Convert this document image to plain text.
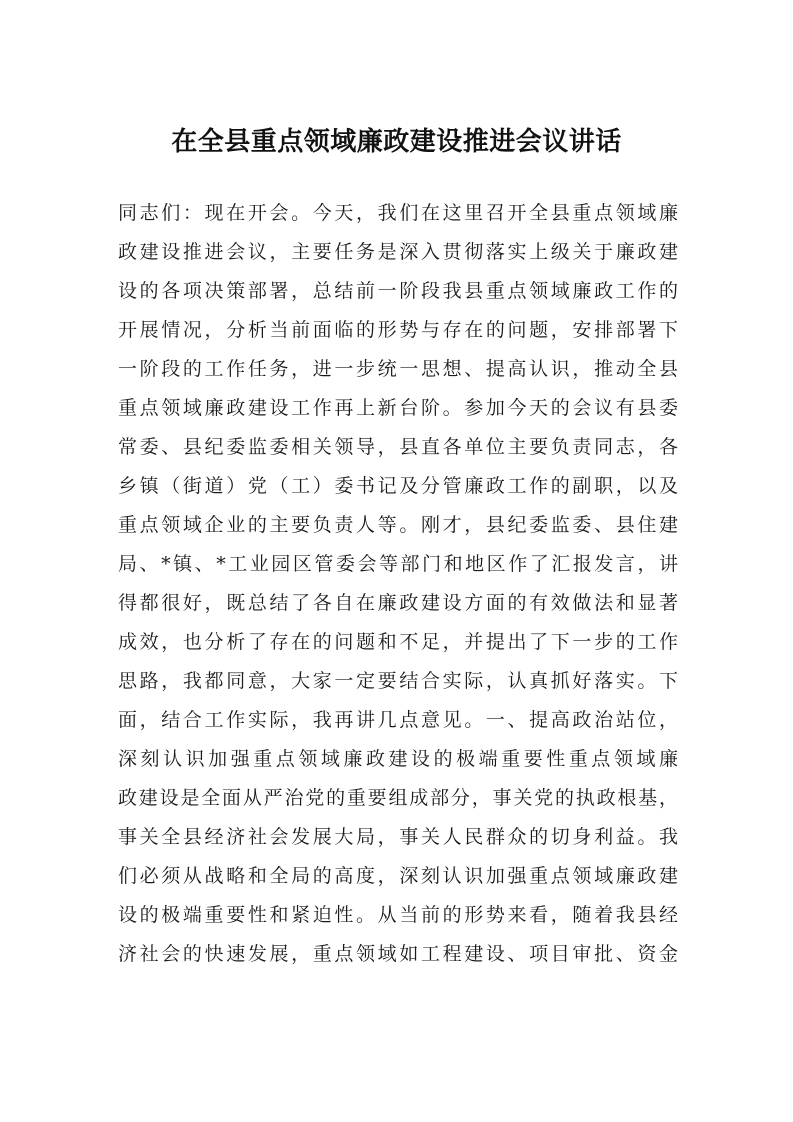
在全县重点领域廉政建设推进会议讲话
同志们：现在开会。今天，我们在这里召开全县重点领域廉
政建设推进会议，主要任务是深入贯彻落实上级关于廉政建
设的各项决策部署，总结前一阶段我县重点领域廉政工作的
开展情况，分析当前面临的形势与存在的问题，安排部署下
一阶段的工作任务，进一步统一思想、提高认识，推动全县
重点领域廉政建设工作再上新台阶。参加今天的会议有县委
常委、县纪委监委相关领导，县直各单位主要负责同志，各
乡镇（街道）党（工）委书记及分管廉政工作的副职，以及
重点领域企业的主要负责人等。刚才，县纪委监委、县住建
局、*镇、*工业园区管委会等部门和地区作了汇报发言，讲
得都很好，既总结了各自在廉政建设方面的有效做法和显著
成效，也分析了存在的问题和不足，并提出了下一步的工作
思路，我都同意，大家一定要结合实际，认真抓好落实。下
面，结合工作实际，我再讲几点意见。一、提高政治站位，
深刻认识加强重点领域廉政建设的极端重要性重点领域廉
政建设是全面从严治党的重要组成部分，事关党的执政根基，
事关全县经济社会发展大局，事关人民群众的切身利益。我
们必须从战略和全局的高度，深刻认识加强重点领域廉政建
设的极端重要性和紧迫性。从当前的形势来看，随着我县经
济社会的快速发展，重点领域如工程建设、项目审批、资金
